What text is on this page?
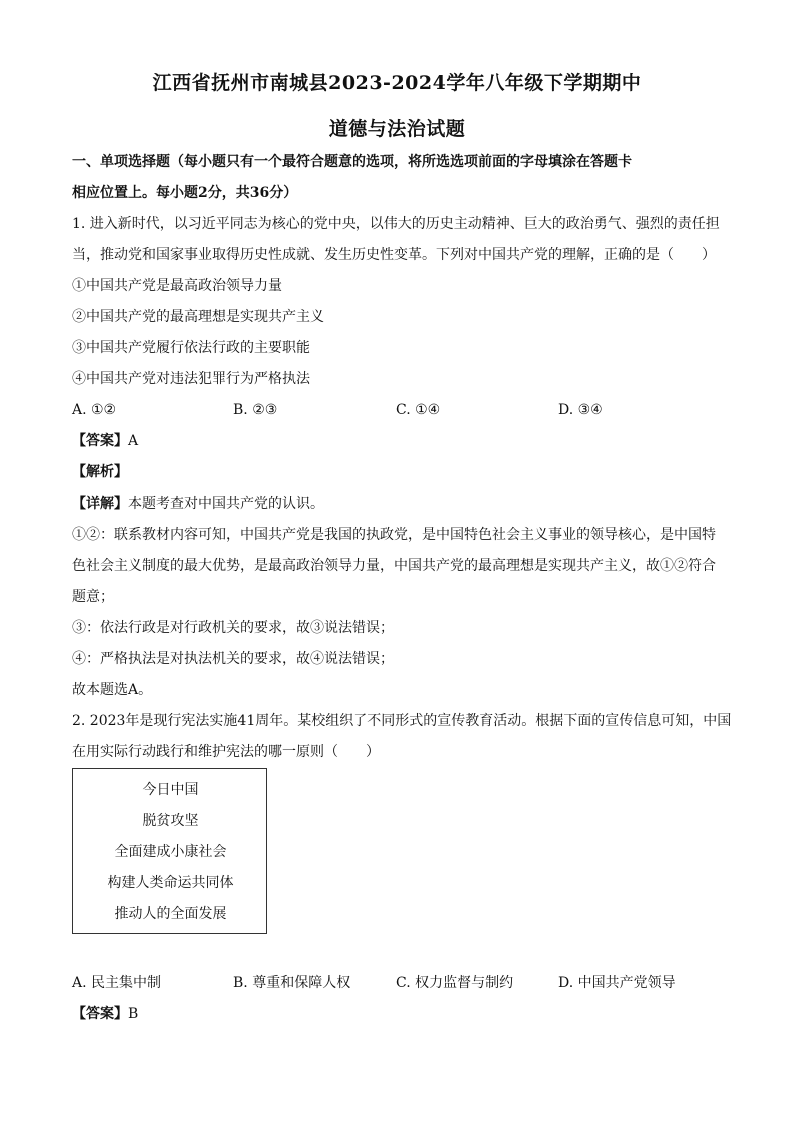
江西省抚州市南城县2023-2024学年八年级下学期期中
道德与法治试题
一、单项选择题（每小题只有一个最符合题意的选项，将所选选项前面的字母填涂在答题卡
相应位置上。每小题2分，共36分）
1. 进入新时代，以习近平同志为核心的党中央，以伟大的历史主动精神、巨大的政治勇气、强烈的责任担
当，推动党和国家事业取得历史性成就、发生历史性变革。下列对中国共产党的理解，正确的是（　　）
①中国共产党是最高政治领导力量
②中国共产党的最高理想是实现共产主义
③中国共产党履行依法行政的主要职能
④中国共产党对违法犯罪行为严格执法
A. ①②	B. ②③	C. ①④	D. ③④
【答案】A
【解析】
【详解】本题考查对中国共产党的认识。
①②：联系教材内容可知，中国共产党是我国的执政党，是中国特色社会主义事业的领导核心，是中国特
色社会主义制度的最大优势，是最高政治领导力量，中国共产党的最高理想是实现共产主义，故①②符合
题意；
③：依法行政是对行政机关的要求，故③说法错误；
④：严格执法是对执法机关的要求，故④说法错误；
故本题选A。
2. 2023年是现行宪法实施41周年。某校组织了不同形式的宣传教育活动。根据下面的宣传信息可知，中国
在用实际行动践行和维护宪法的哪一原则（　　）
今日中国
脱贫攻坚
全面建成小康社会
构建人类命运共同体
推动人的全面发展
A. 民主集中制	B. 尊重和保障人权	C. 权力监督与制约	D. 中国共产党领导
【答案】B
